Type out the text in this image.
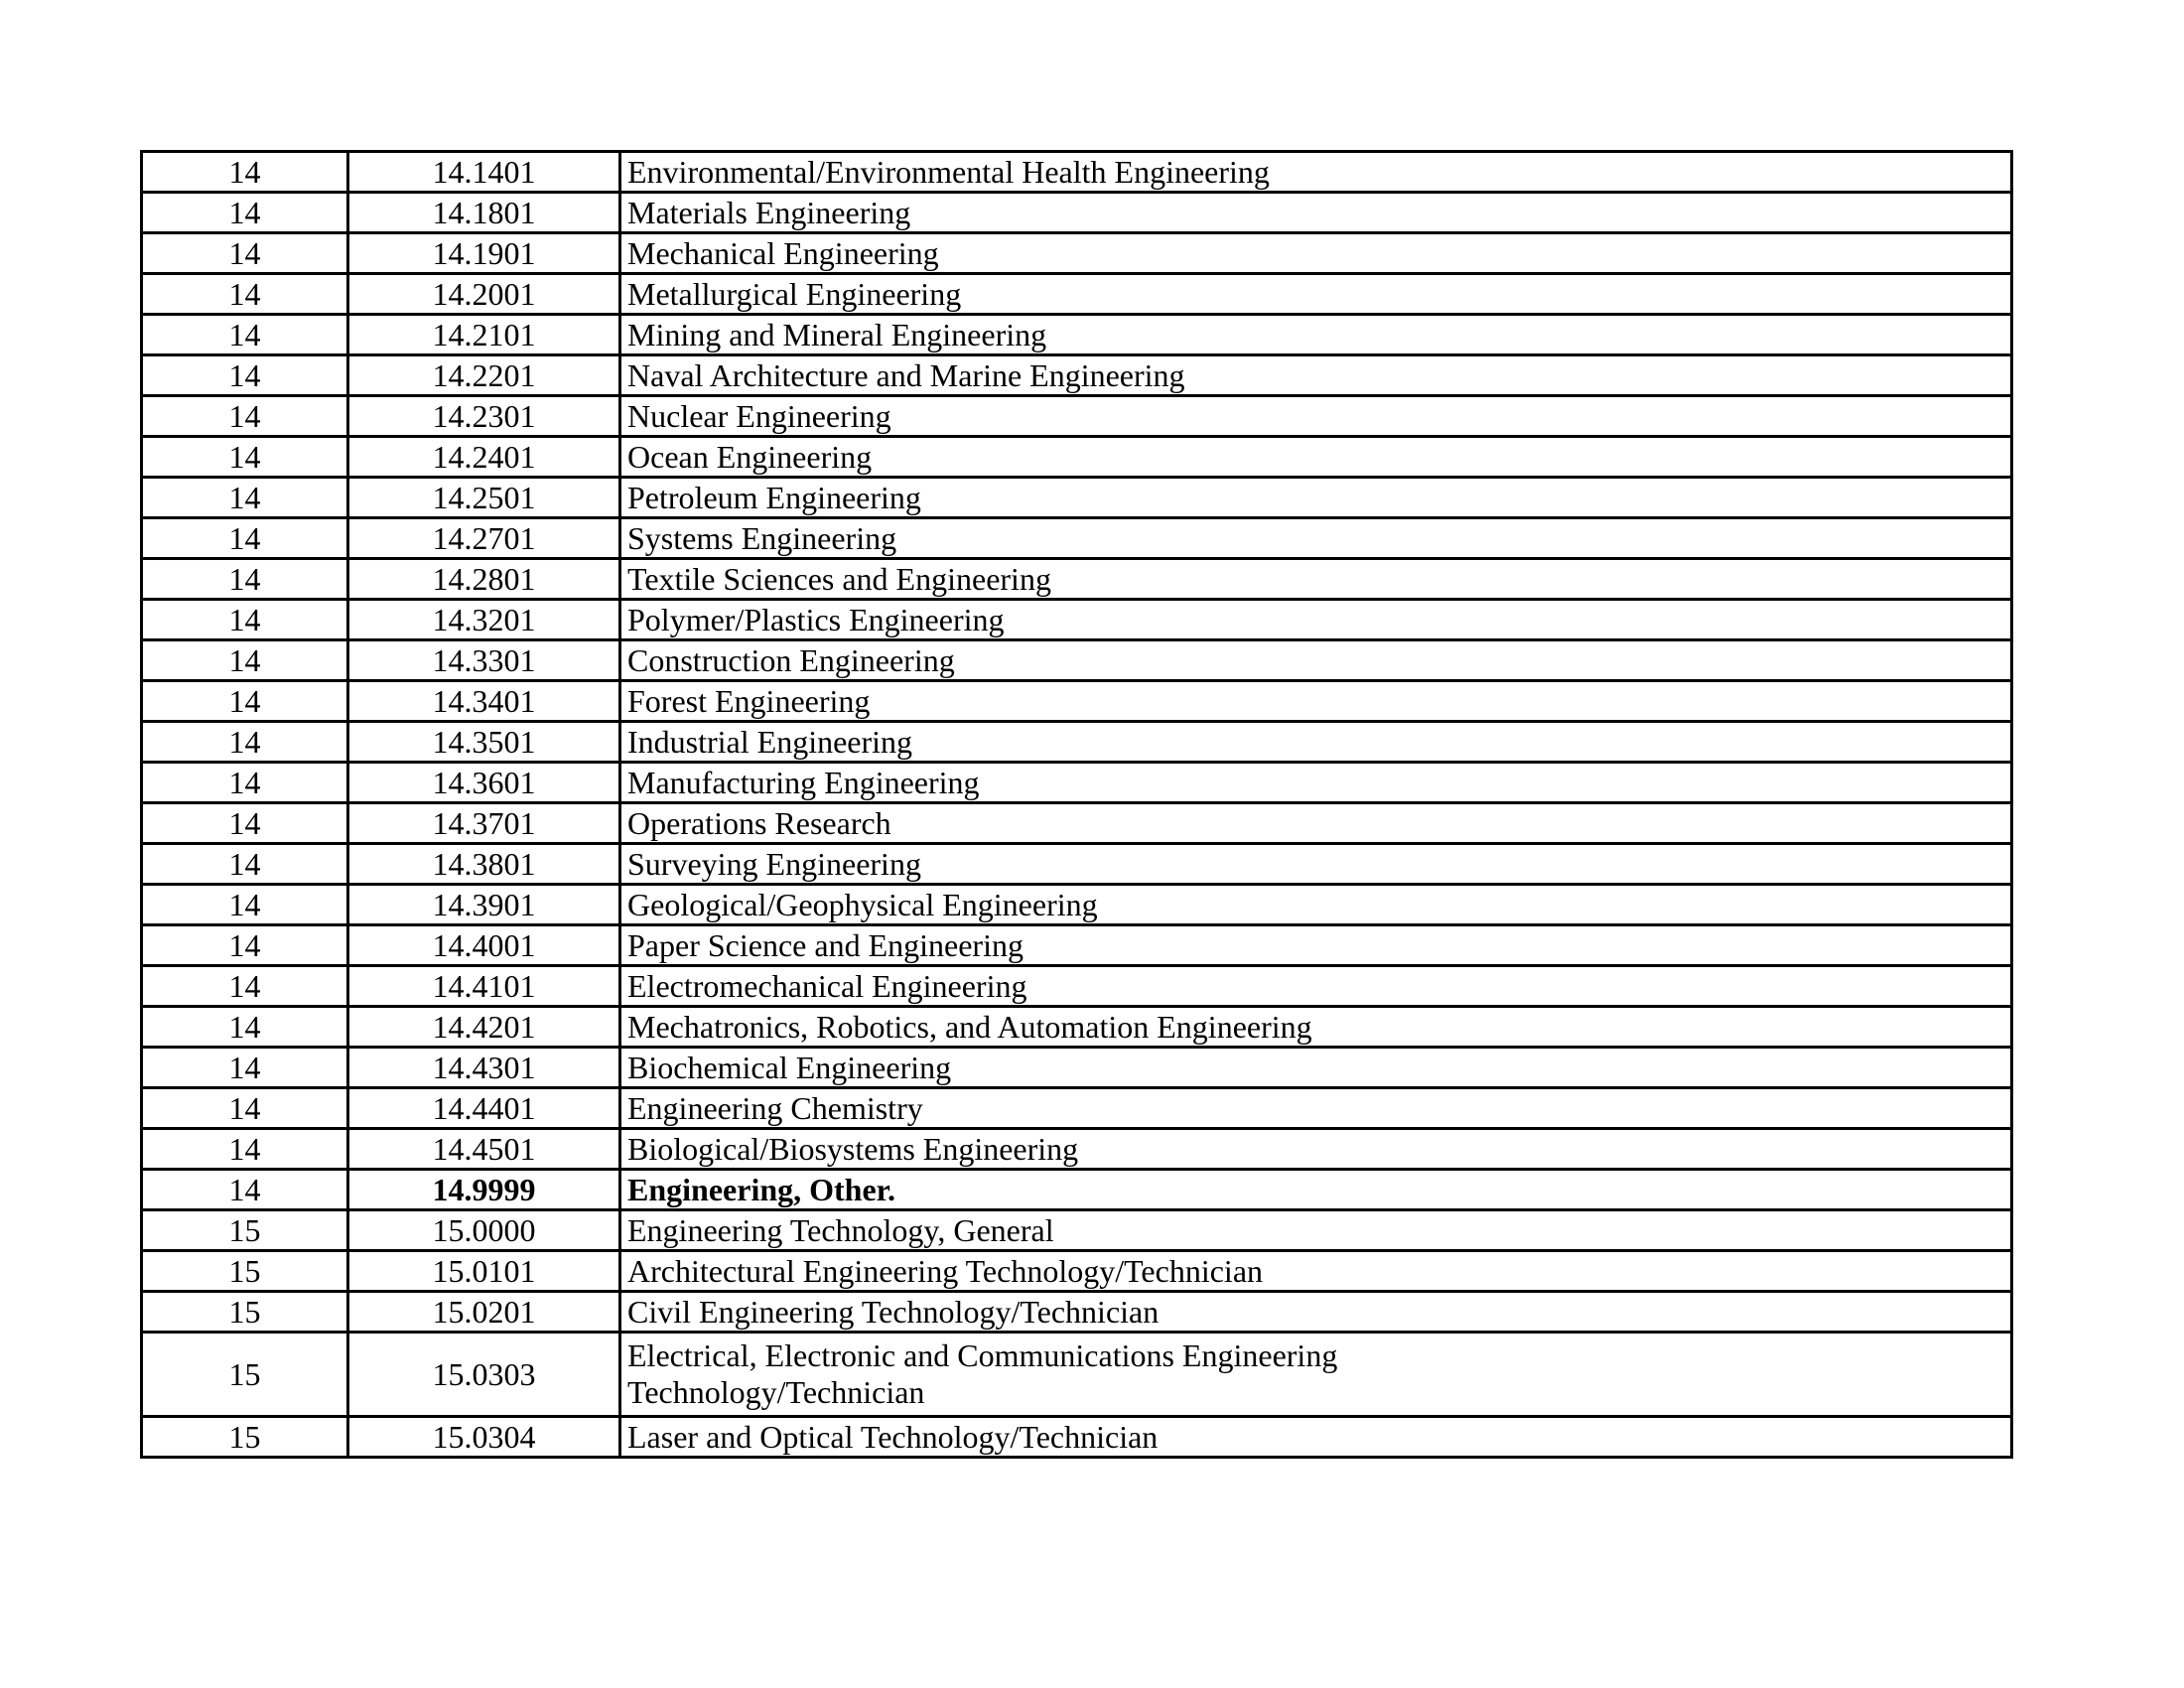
14	14.1401	Environmental/Environmental Health Engineering
14	14.1801	Materials Engineering
14	14.1901	Mechanical Engineering
14	14.2001	Metallurgical Engineering
14	14.2101	Mining and Mineral Engineering
14	14.2201	Naval Architecture and Marine Engineering
14	14.2301	Nuclear Engineering
14	14.2401	Ocean Engineering
14	14.2501	Petroleum Engineering
14	14.2701	Systems Engineering
14	14.2801	Textile Sciences and Engineering
14	14.3201	Polymer/Plastics Engineering
14	14.3301	Construction Engineering
14	14.3401	Forest Engineering
14	14.3501	Industrial Engineering
14	14.3601	Manufacturing Engineering
14	14.3701	Operations Research
14	14.3801	Surveying Engineering
14	14.3901	Geological/Geophysical Engineering
14	14.4001	Paper Science and Engineering
14	14.4101	Electromechanical Engineering
14	14.4201	Mechatronics, Robotics, and Automation Engineering
14	14.4301	Biochemical Engineering
14	14.4401	Engineering Chemistry
14	14.4501	Biological/Biosystems Engineering
14	14.9999	Engineering, Other.
15	15.0000	Engineering Technology, General
15	15.0101	Architectural Engineering Technology/Technician
15	15.0201	Civil Engineering Technology/Technician
15	15.0303	Electrical, Electronic and Communications Engineering Technology/Technician

15	15.0304	Laser and Optical Technology/Technician
